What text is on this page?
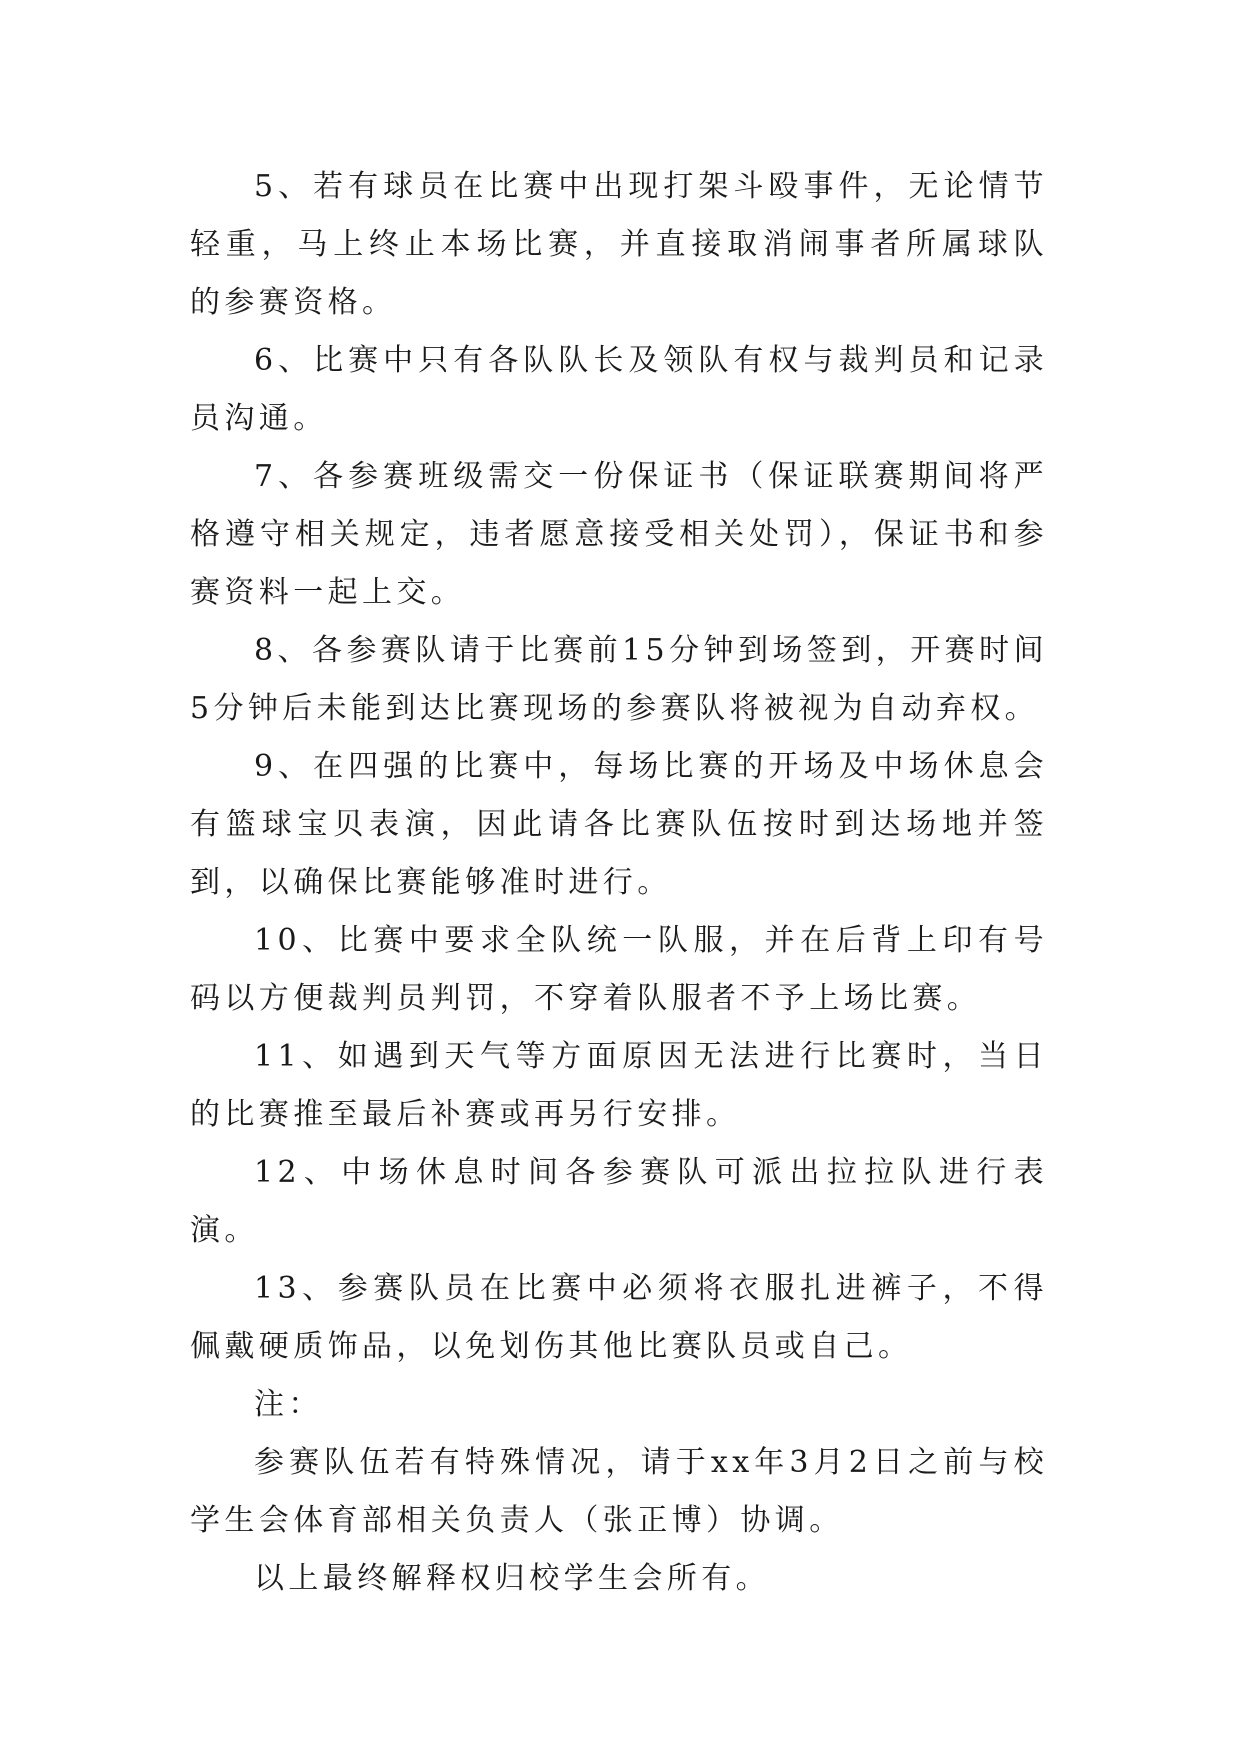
5、若有球员在比赛中出现打架斗殴事件，无论情节轻重，马上终止本场比赛，并直接取消闹事者所属球队的参赛资格。

6、比赛中只有各队队长及领队有权与裁判员和记录员沟通。

7、各参赛班级需交一份保证书（保证联赛期间将严格遵守相关规定，违者愿意接受相关处罚），保证书和参赛资料一起上交。

8、各参赛队请于比赛前15分钟到场签到，开赛时间5分钟后未能到达比赛现场的参赛队将被视为自动弃权。

9、在四强的比赛中，每场比赛的开场及中场休息会有篮球宝贝表演，因此请各比赛队伍按时到达场地并签到，以确保比赛能够准时进行。

10、比赛中要求全队统一队服，并在后背上印有号码以方便裁判员判罚，不穿着队服者不予上场比赛。

11、如遇到天气等方面原因无法进行比赛时，当日的比赛推至最后补赛或再另行安排。

12、中场休息时间各参赛队可派出拉拉队进行表演。

13、参赛队员在比赛中必须将衣服扎进裤子，不得佩戴硬质饰品，以免划伤其他比赛队员或自己。

注：

参赛队伍若有特殊情况，请于xx年3月2日之前与校学生会体育部相关负责人（张正博）协调。

以上最终解释权归校学生会所有。
